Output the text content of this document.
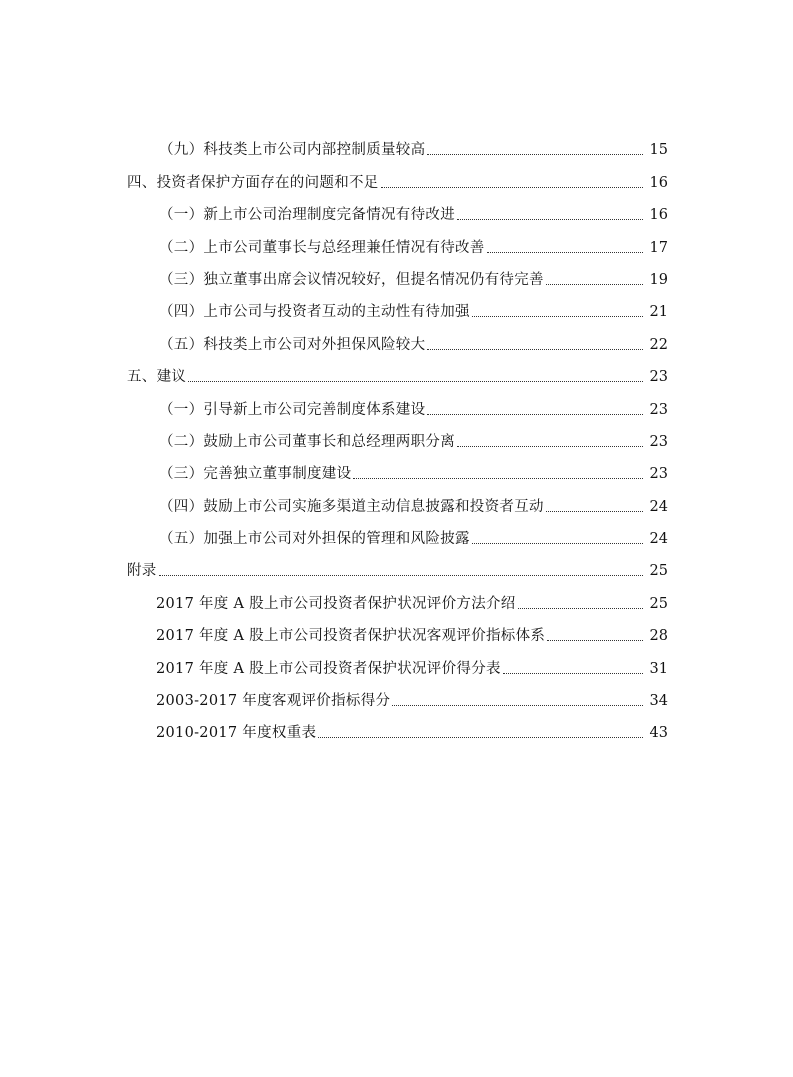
（九）科技类上市公司内部控制质量较高	15
四、投资者保护方面存在的问题和不足	16
（一）新上市公司治理制度完备情况有待改进	16
（二）上市公司董事长与总经理兼任情况有待改善	17
（三）独立董事出席会议情况较好，但提名情况仍有待完善	19
（四）上市公司与投资者互动的主动性有待加强	21
（五）科技类上市公司对外担保风险较大	22
五、建议	23
（一）引导新上市公司完善制度体系建设	23
（二）鼓励上市公司董事长和总经理两职分离	23
（三）完善独立董事制度建设	23
（四）鼓励上市公司实施多渠道主动信息披露和投资者互动	24
（五）加强上市公司对外担保的管理和风险披露	24
附录	25
2017 年度 A 股上市公司投资者保护状况评价方法介绍	25
2017 年度 A 股上市公司投资者保护状况客观评价指标体系	28
2017 年度 A 股上市公司投资者保护状况评价得分表	31
2003-2017 年度客观评价指标得分	34
2010-2017 年度权重表	43
